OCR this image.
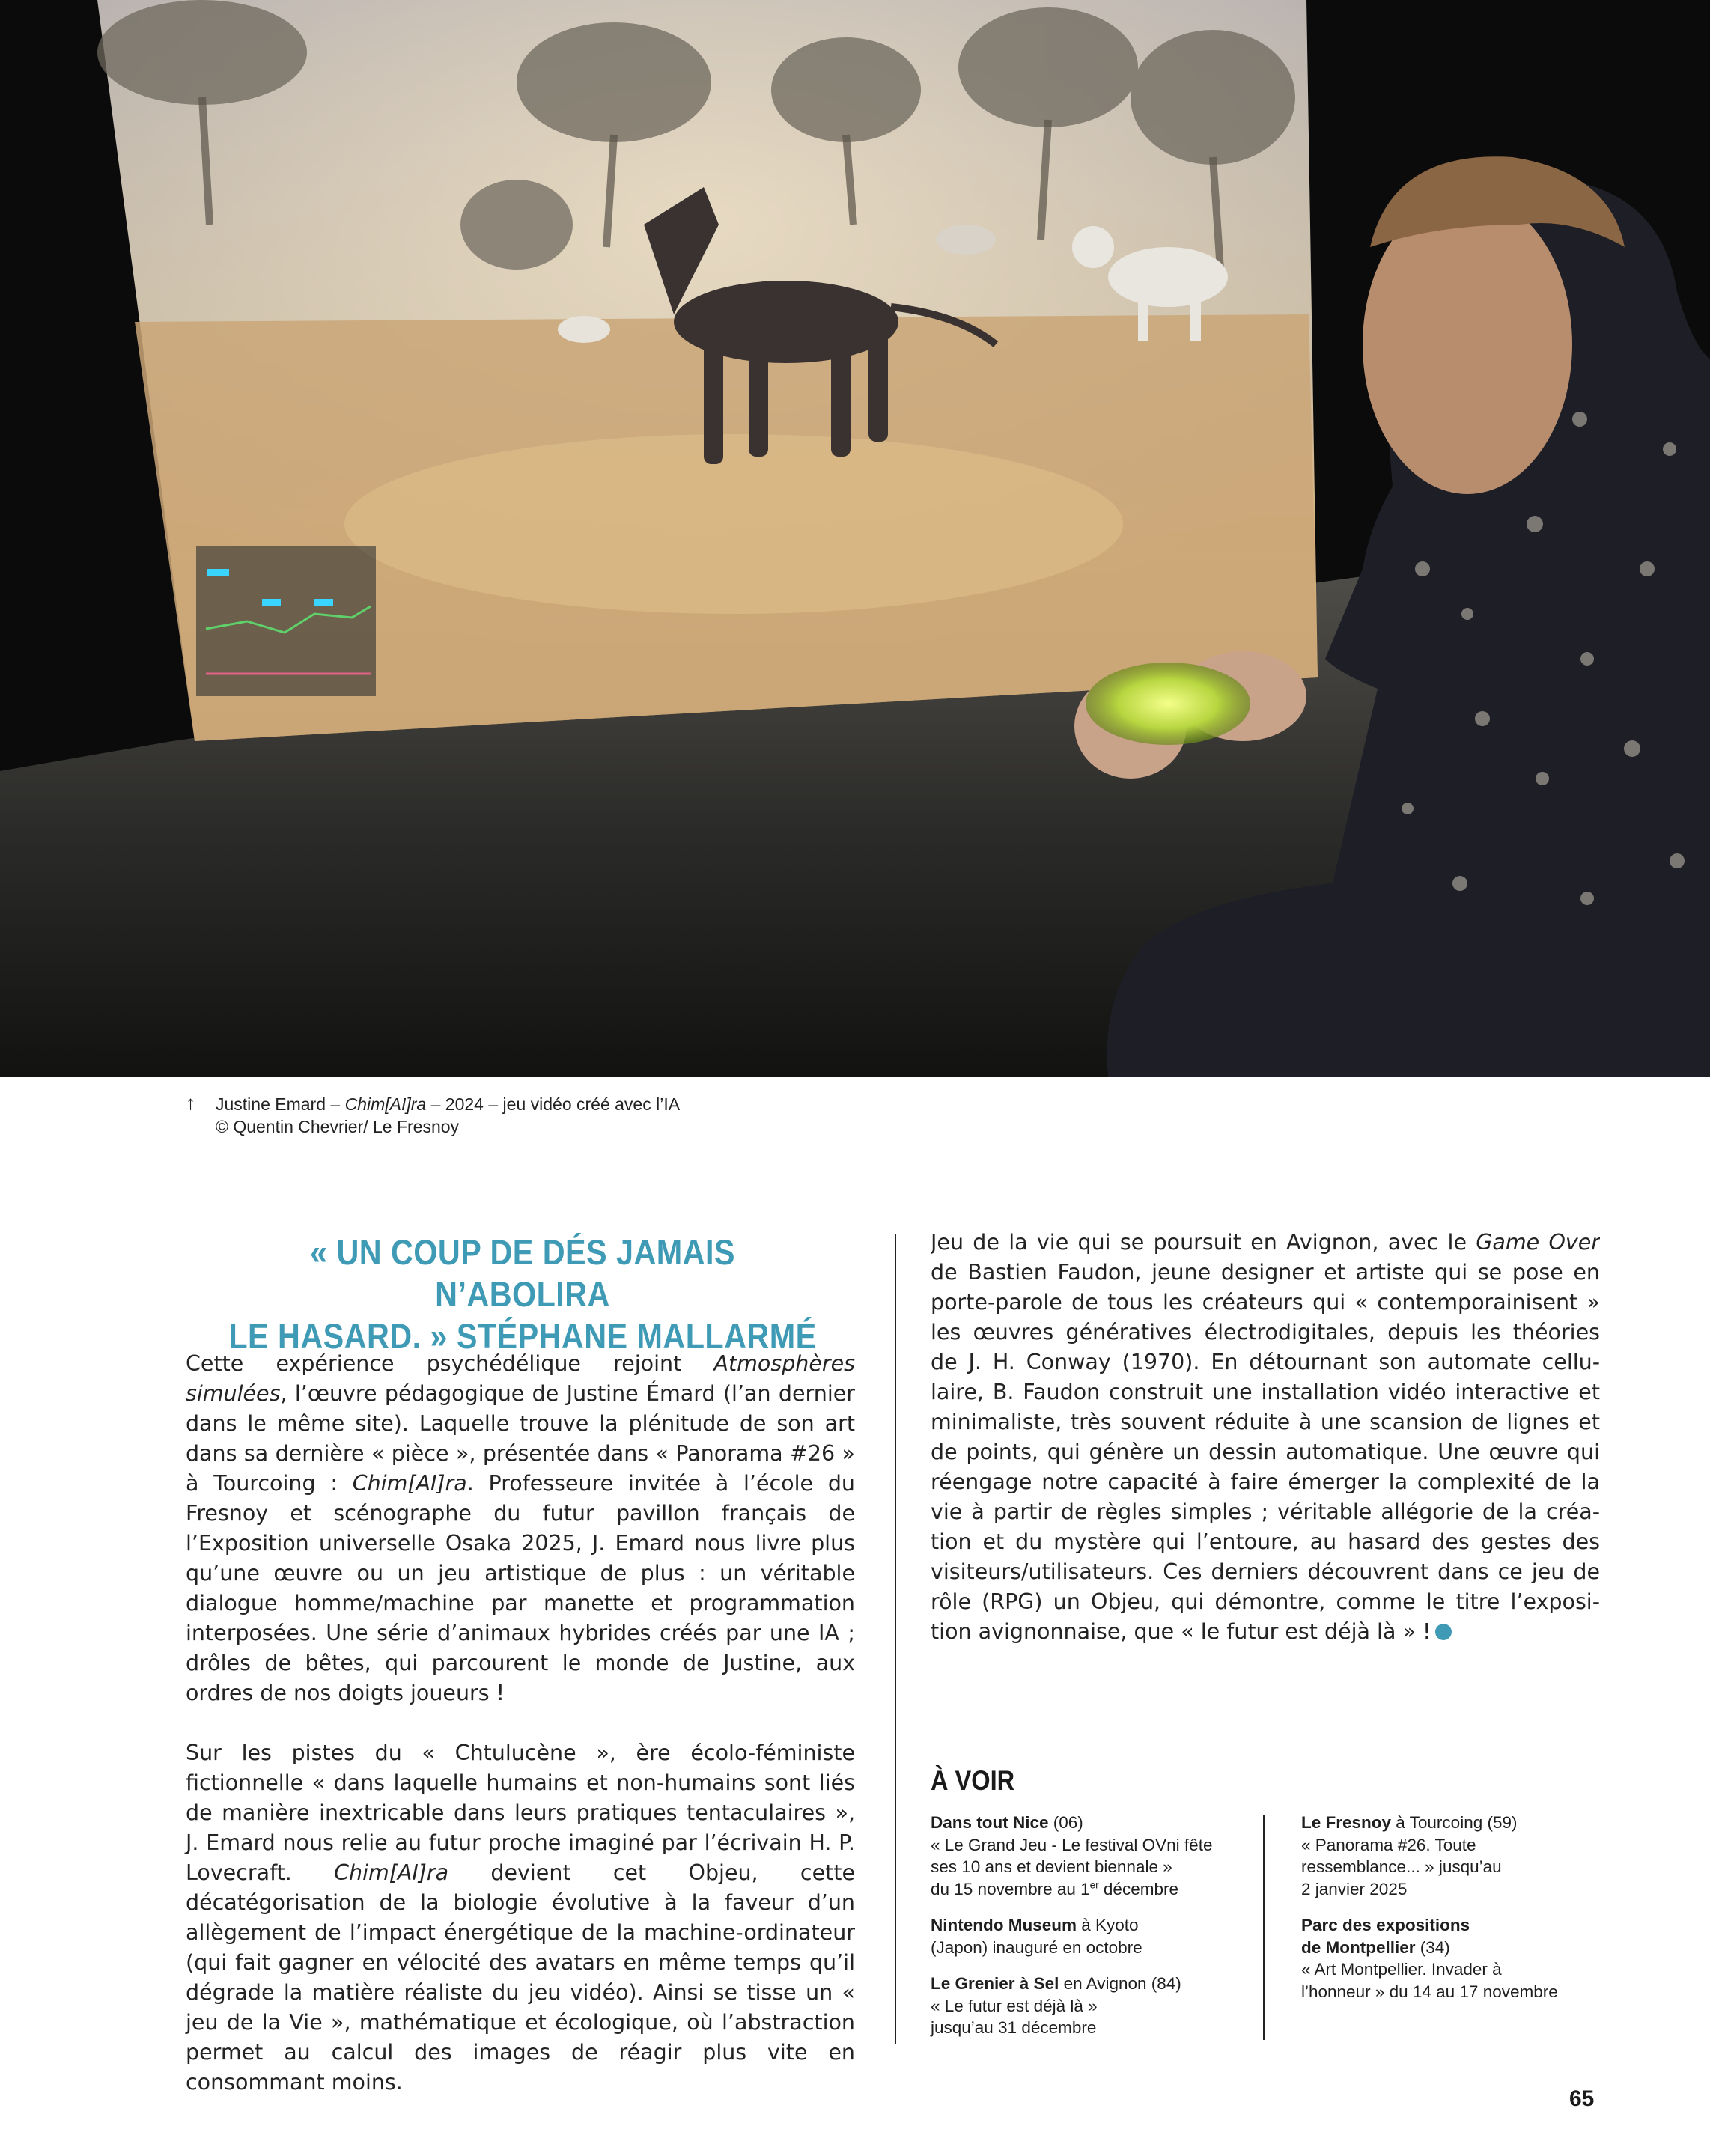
↑ Justine Emard – Chim[AI]ra – 2024 – jeu vidéo créé avec l’IA
© Quentin Chevrier/ Le Fresnoy
« UN COUP DE DÉS JAMAIS N’ABOLIRA
LE HASARD. » STÉPHANE MALLARMÉ

Cette expérience psychédélique rejoint Atmosphères simulées, l’œuvre pédagogique de Justine Émard (l’an dernier dans le même site). Laquelle trouve la plénitude de son art dans sa dernière « pièce », présentée dans « Panorama #26 » à Tourcoing : Chim[AI]ra. Professeure invitée à l’école du Fresnoy et scénographe du futur pavillon français de l’Exposition universelle Osaka 2025, J. Emard nous livre plus qu’une œuvre ou un jeu artistique de plus : un véritable dialogue homme/machine par manette et programmation interposées. Une série d’animaux hybrides créés par une IA ; drôles de bêtes, qui parcourent le monde de Justine, aux ordres de nos doigts joueurs !

Sur les pistes du « Chtulucène », ère écolo-féministe fictionnelle « dans laquelle humains et non-humains sont liés de manière inextricable dans leurs pratiques tentaculaires », J. Emard nous relie au futur proche imaginé par l’écrivain H. P. Lovecraft. Chim[AI]ra devient cet Objeu, cette décatégorisation de la biologie évolutive à la faveur d’un allègement de l’impact énergétique de la machine-ordinateur (qui fait gagner en vélocité des avatars en même temps qu’il dégrade la matière réaliste du jeu vidéo). Ainsi se tisse un « jeu de la Vie », mathématique et écologique, où l’abstraction permet au calcul des images de réagir plus vite en consommant moins.

Jeu de la vie qui se poursuit en Avignon, avec le Game Over
de Bastien Faudon, jeune designer et artiste qui se pose en
porte-parole de tous les créateurs qui « contemporainisent »
les œuvres génératives électrodigitales, depuis les théories
de J. H. Conway (1970). En détournant son automate cellu-
laire, B. Faudon construit une installation vidéo interactive et
minimaliste, très souvent réduite à une scansion de lignes et
de points, qui génère un dessin automatique. Une œuvre qui
réengage notre capacité à faire émerger la complexité de la
vie à partir de règles simples ; véritable allégorie de la créa-
tion et du mystère qui l’entoure, au hasard des gestes des
visiteurs/utilisateurs. Ces derniers découvrent dans ce jeu de
rôle (RPG) un Objeu, qui démontre, comme le titre l’exposi-
tion avignonnaise, que « le futur est déjà là » !
À VOIR
Dans tout Nice (06)
« Le Grand Jeu - Le festival OVni fête
ses 10 ans et devient biennale »
du 15 novembre au 1er décembre
Nintendo Museum à Kyoto
(Japon) inauguré en octobre
Le Grenier à Sel en Avignon (84)
« Le futur est déjà là »
jusqu’au 31 décembre
Le Fresnoy à Tourcoing (59)
« Panorama #26. Toute
ressemblance... » jusqu’au
2 janvier 2025
Parc des expositions
de Montpellier (34)
« Art Montpellier. Invader à
l’honneur » du 14 au 17 novembre
65
